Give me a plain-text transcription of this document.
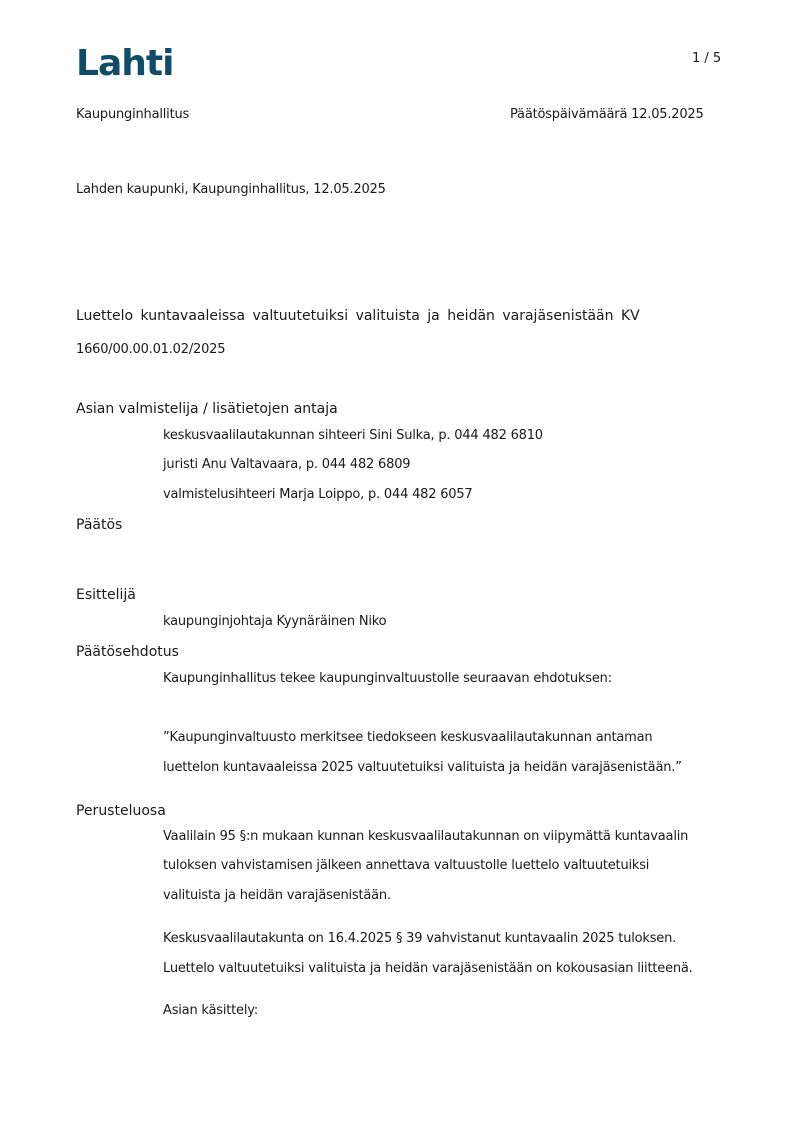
Lahti	1 / 5
Kaupunginhallitus	Päätöspäivämäärä 12.05.2025
Lahden kaupunki, Kaupunginhallitus, 12.05.2025
Luettelo kuntavaaleissa valtuutetuiksi valituista ja heidän varajäsenistään KV
1660/00.00.01.02/2025
Asian valmistelija / lisätietojen antaja
keskusvaalilautakunnan sihteeri Sini Sulka, p. 044 482 6810
juristi Anu Valtavaara, p. 044 482 6809
valmistelusihteeri Marja Loippo, p. 044 482 6057
Päätös
Esittelijä
kaupunginjohtaja Kyynäräinen Niko
Päätösehdotus
Kaupunginhallitus tekee kaupunginvaltuustolle seuraavan ehdotuksen:
”Kaupunginvaltuusto merkitsee tiedokseen keskusvaalilautakunnan antaman
luettelon kuntavaaleissa 2025 valtuutetuiksi valituista ja heidän varajäsenistään.”
Perusteluosa
Vaalilain 95 §:n mukaan kunnan keskusvaalilautakunnan on viipymättä kuntavaalin
tuloksen vahvistamisen jälkeen annettava valtuustolle luettelo valtuutetuiksi
valituista ja heidän varajäsenistään.
Keskusvaalilautakunta on 16.4.2025 § 39 vahvistanut kuntavaalin 2025 tuloksen.
Luettelo valtuutetuiksi valituista ja heidän varajäsenistään on kokousasian liitteenä.
Asian käsittely:
